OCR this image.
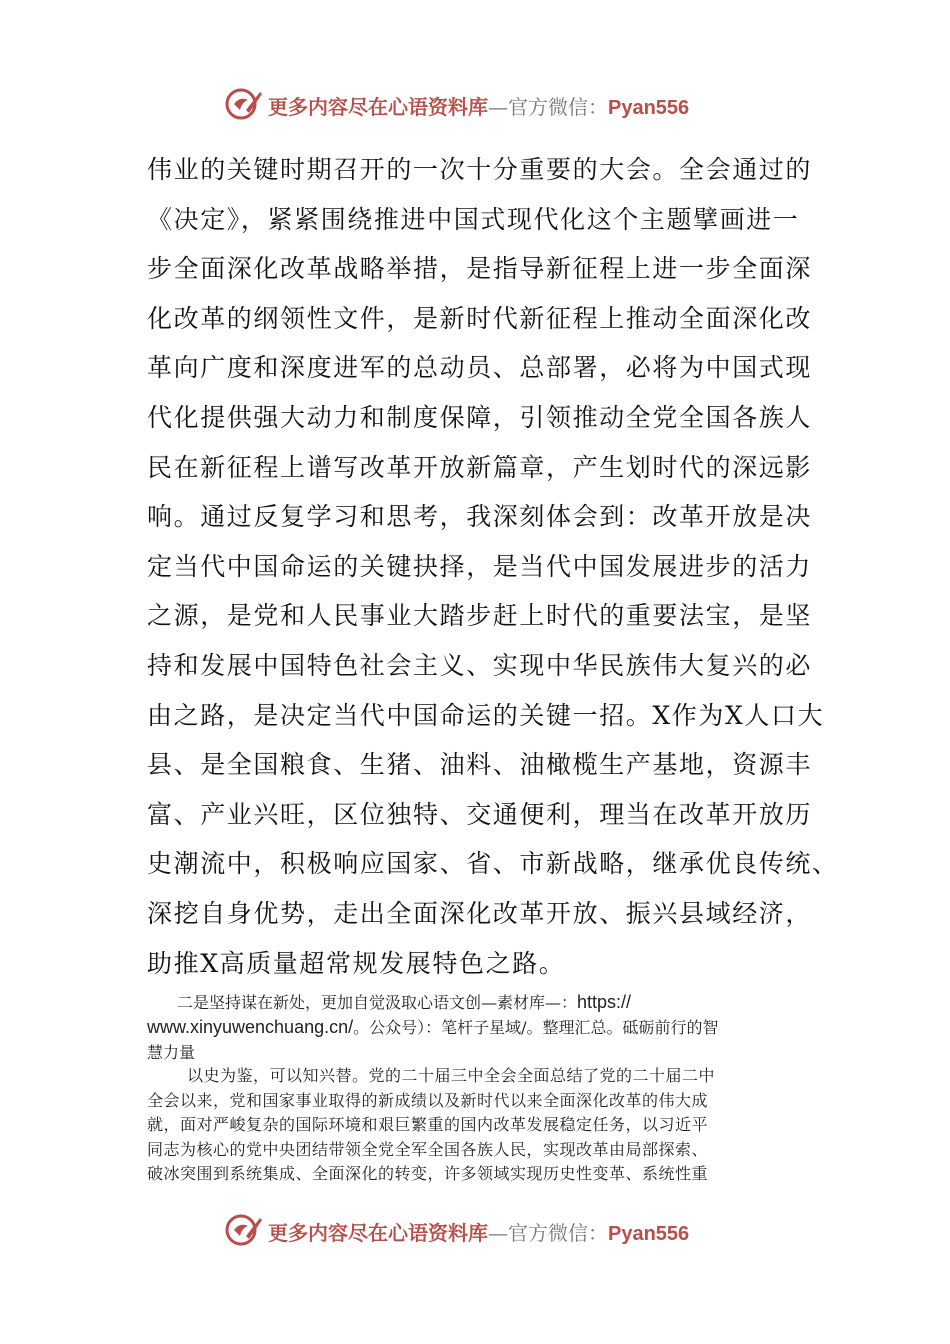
更多内容尽在心语资料库—官方微信：Pyan556
伟业的关键时期召开的一次十分重要的大会。全会通过的
《决定》，紧紧围绕推进中国式现代化这个主题擘画进一
步全面深化改革战略举措，是指导新征程上进一步全面深
化改革的纲领性文件，是新时代新征程上推动全面深化改
革向广度和深度进军的总动员、总部署，必将为中国式现
代化提供强大动力和制度保障，引领推动全党全国各族人
民在新征程上谱写改革开放新篇章，产生划时代的深远影
响。通过反复学习和思考，我深刻体会到：改革开放是决
定当代中国命运的关键抉择，是当代中国发展进步的活力
之源，是党和人民事业大踏步赶上时代的重要法宝，是坚
持和发展中国特色社会主义、实现中华民族伟大复兴的必
由之路，是决定当代中国命运的关键一招。X作为X人口大
县、是全国粮食、生猪、油料、油橄榄生产基地，资源丰
富、产业兴旺，区位独特、交通便利，理当在改革开放历
史潮流中，积极响应国家、省、市新战略，继承优良传统、
深挖自身优势，走出全面深化改革开放、振兴县域经济，
助推X高质量超常规发展特色之路。
二是坚持谋在新处，更加自觉汲取心语文创—素材库—：https://
www.xinyuwenchuang.cn/。公众号）：笔杆子星域/。整理汇总。砥砺前行的智
慧力量
以史为鉴，可以知兴替。党的二十届三中全会全面总结了党的二十届二中
全会以来，党和国家事业取得的新成绩以及新时代以来全面深化改革的伟大成
就，面对严峻复杂的国际环境和艰巨繁重的国内改革发展稳定任务，以习近平
同志为核心的党中央团结带领全党全军全国各族人民，实现改革由局部探索、
破冰突围到系统集成、全面深化的转变，许多领域实现历史性变革、系统性重
更多内容尽在心语资料库—官方微信：Pyan556
